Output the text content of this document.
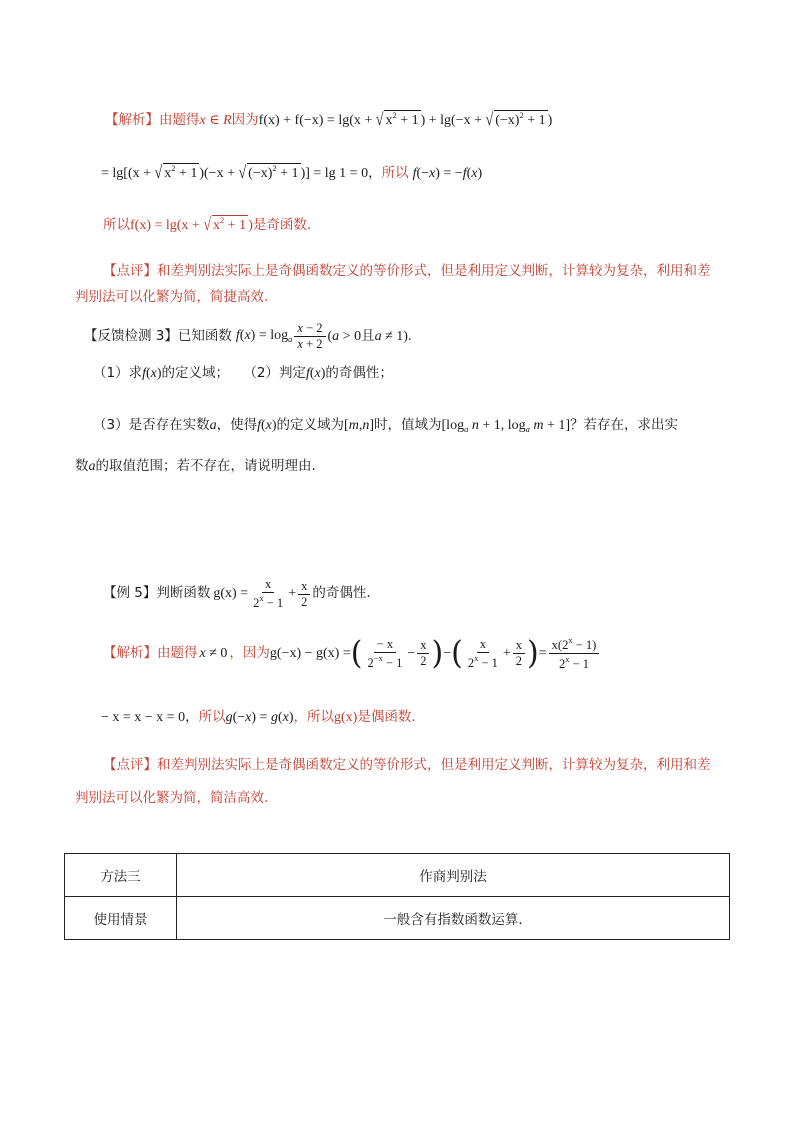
【解析】由题得x ∈ R因为f(x) + f(−x) = lg(x + √ $x^2 + 1$ ) + lg(−x + √ $(-x)^2 + 1$ )
= lg[(x + √ $x^2 + 1$ )(−x + √ $(-x)^2 + 1$ )] = lg 1 = 0，所以 f(−x) = −f(x)
所以f(x) = lg(x + √ $x^2 + 1$ )是奇函数.
【点评】和差判别法实际上是奇偶函数定义的等价形式，但是利用定义判断，计算较为复杂，利用和差
判别法可以化繁为简，简捷高效.
【反馈检测 3】 已知函数 $f(x) = \log_a \frac{x - 2}{x + 2} (a > 0$ 且 a ≠ 1) .
（1）求f(x)的定义域； （2）判定f(x)的奇偶性；
（3）是否存在实数a，使得f(x)的定义域为[m,n]时，值域为[$\log_a$ n + 1, $\log_a m + 1$]？若存在，求出实
数a的取值范围；若不存在，请说明理由.
【例 5】 判断函数 $g(x) = \frac{x}{2^x - 1} + \frac{x}{2}$ 的奇偶性.
【解析】 由题得 x ≠ 0 ，因为 g(−x) − g(x) = ( $\frac{- x}{2^{-x} - 1} - \frac{x}{2}$ ) − ( $\frac{x}{2^x - 1} + \frac{x}{2}$ ) = $\frac{x(2^x - 1)}{2^x - 1}$
− x = x − x = 0，所以g(−x) = g(x)，所以g(x)是偶函数.
【点评】和差判别法实际上是奇偶函数定义的等价形式，但是利用定义判断，计算较为复杂，利用和差
判别法可以化繁为简，简洁高效.
方法三	作商判别法
使用情景	一般含有指数函数运算.
